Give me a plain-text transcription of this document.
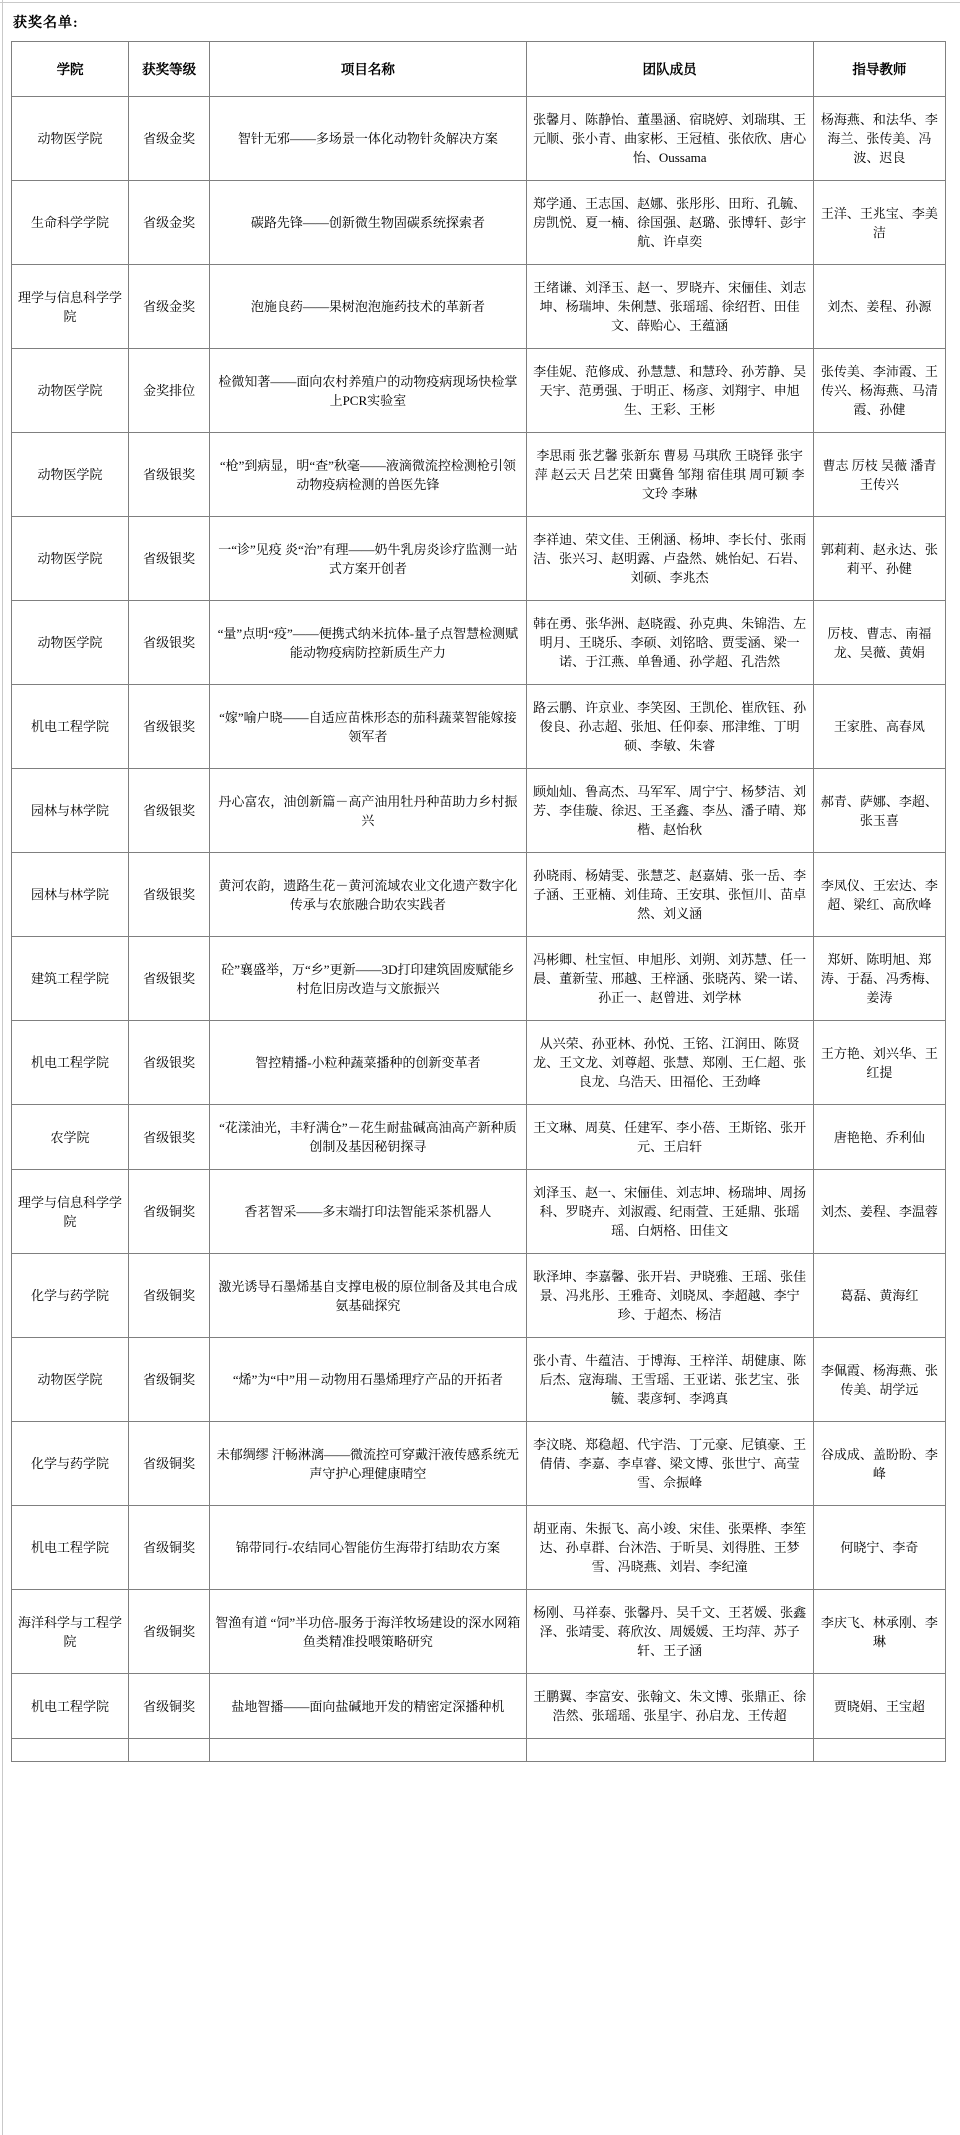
获奖名单:
学院	获奖等级	项目名称	团队成员	指导教师
动物医学院	省级金奖	智针无邪——多场景一体化动物针灸解决方案	张馨月、陈静怡、董墨涵、宿晓婷、刘瑞琪、王元顺、张小青、曲家彬、王冠植、张依欣、唐心怡、Oussama	杨海燕、和法华、李海兰、张传美、冯波、迟良
生命科学学院	省级金奖	碳路先锋——创新微生物固碳系统探索者	郑学通、王志国、赵娜、张彤彤、田珩、孔毓、房凯悦、夏一楠、徐国强、赵璐、张博轩、彭宇航、许卓奕	王洋、王兆宝、李美洁
理学与信息科学学院	省级金奖	泡施良药——果树泡泡施药技术的革新者	王绪谦、刘泽玉、赵一、罗晓卉、宋俪佳、刘志坤、杨瑞坤、朱俐慧、张瑶瑶、徐绍哲、田佳文、薛贻心、王蕴涵	刘杰、姜程、孙源
动物医学院	金奖排位	检微知著——面向农村养殖户的动物疫病现场快检掌上PCR实验室	李佳妮、范修成、孙慧慧、和慧玲、孙芳静、吴天宇、范勇强、于明正、杨彦、刘翔宇、申旭生、王彩、王彬	张传美、李沛霞、王传兴、杨海燕、马清霞、孙健
动物医学院	省级银奖	“枪”到病显，明“查”秋毫——液滴微流控检测枪引领动物疫病检测的兽医先锋	李思雨 张艺馨 张新东 曹易 马琪欣 王晓铎 张宇萍 赵云天 吕艺荣 田冀鲁 邹翔 宿佳琪 周可颖 李文玲 李琳	曹志 厉枝 吴薇 潘青 王传兴
动物医学院	省级银奖	一“诊”见疫 炎“治”有理——奶牛乳房炎诊疗监测一站式方案开创者	李祥迪、荣文佳、王俐涵、杨坤、李长付、张雨洁、张兴习、赵明露、卢盎然、姚怡妃、石岩、刘硕、李兆杰	郭莉莉、赵永达、张莉平、孙健
动物医学院	省级银奖	“量”点明“疫”——便携式纳米抗体-量子点智慧检测赋能动物疫病防控新质生产力	韩在勇、张华洲、赵晓霞、孙克典、朱锦浩、左明月、王晓乐、李硕、刘铭晗、贾雯涵、梁一诺、于江燕、单鲁通、孙学超、孔浩然	厉枝、曹志、南福龙、吴薇、黄娟
机电工程学院	省级银奖	“嫁”喻户晓——自适应苗株形态的茄科蔬菜智能嫁接领军者	路云鹏、许京业、李笑囡、王凯伦、崔欣钰、孙俊良、孙志超、张旭、任仰泰、邢津维、丁明硕、李敏、朱睿	王家胜、高春凤
园林与林学院	省级银奖	丹心富农，油创新篇－高产油用牡丹种苗助力乡村振兴	顾灿灿、鲁高杰、马军军、周宁宁、杨梦洁、刘芳、李佳璇、徐迟、王圣鑫、李丛、潘子晴、郑楷、赵怡秋	郝青、萨娜、李超、张玉喜
园林与林学院	省级银奖	黄河农韵，遗路生花－黄河流域农业文化遗产数字化传承与农旅融合助农实践者	孙晓雨、杨婧雯、张慧芝、赵嘉婧、张一岳、李子涵、王亚楠、刘佳琦、王安琪、张恒川、苗卓然、刘义涵	李凤仪、王宏达、李超、梁红、高欣峰
建筑工程学院	省级银奖	砼”襄盛举，万“乡”更新——3D打印建筑固废赋能乡村危旧房改造与文旅振兴	冯彬卿、杜宝恒、申旭彤、刘朔、刘苏慧、任一晨、董新莹、邢越、王梓涵、张晓芮、梁一诺、孙正一、赵曾进、刘学林	郑妍、陈明旭、郑涛、于磊、冯秀梅、姜涛
机电工程学院	省级银奖	智控精播-小粒种蔬菜播种的创新变革者	从兴荣、孙亚林、孙悦、王铭、江润田、陈贤龙、王文龙、刘尊超、张慧、郑刚、王仁超、张良龙、乌浩天、田福伦、王劲峰	王方艳、刘兴华、王红提
农学院	省级银奖	“花漾油光，丰籽满仓”－花生耐盐碱高油高产新种质创制及基因秘钥探寻	王文琳、周莫、任建军、李小蓓、王斯铭、张开元、王启轩	唐艳艳、乔利仙
理学与信息科学学院	省级铜奖	香茗智采——多末端打印法智能采茶机器人	刘泽玉、赵一、宋俪佳、刘志坤、杨瑞坤、周扬科、罗晓卉、刘淑霞、纪雨萱、王延鼎、张瑶瑶、白炳格、田佳文	刘杰、姜程、李温蓉
化学与药学院	省级铜奖	激光诱导石墨烯基自支撑电极的原位制备及其电合成氨基础探究	耿泽坤、李嘉馨、张开岩、尹晓雅、王瑶、张佳景、冯兆彤、王雅奇、刘晓凤、李超越、李宁珍、于超杰、杨洁	葛磊、黄海红
动物医学院	省级铜奖	“烯”为“中”用－动物用石墨烯理疗产品的开拓者	张小青、牛蕴洁、于博海、王梓洋、胡健康、陈后杰、寇海瑞、王雪瑶、王亚诺、张艺宝、张毓、裴彦轲、李鸿真	李佩霞、杨海燕、张传美、胡学远
化学与药学院	省级铜奖	未郁绸缪 汗畅淋漓——微流控可穿戴汗液传感系统无声守护心理健康晴空	李汶晓、郑稳超、代宇浩、丁元豪、尼镇豪、王倩倩、李嘉、李卓睿、梁文博、张世宁、高莹雪、佘振峰	谷成成、盖盼盼、李峰
机电工程学院	省级铜奖	锦带同行-农结同心智能仿生海带打结助农方案	胡亚南、朱振飞、高小竣、宋佳、张栗桦、李笙达、孙卓群、台沐浩、于昕昊、刘得胜、王梦雪、冯晓燕、刘岩、李纪潼	何晓宁、李奇
海洋科学与工程学院	省级铜奖	智渔有道 “饲”半功倍-服务于海洋牧场建设的深水网箱鱼类精准投喂策略研究	杨刚、马祥泰、张馨丹、吴千文、王茗媛、张鑫泽、张靖雯、蒋欣汝、周媛媛、王均萍、苏子轩、王子涵	李庆飞、林承刚、李琳
机电工程学院	省级铜奖	盐地智播——面向盐碱地开发的精密定深播种机	王鹏翼、李富安、张翰文、朱文博、张鼎正、徐浩然、张瑶瑶、张星宇、孙启龙、王传超	贾晓娟、王宝超
